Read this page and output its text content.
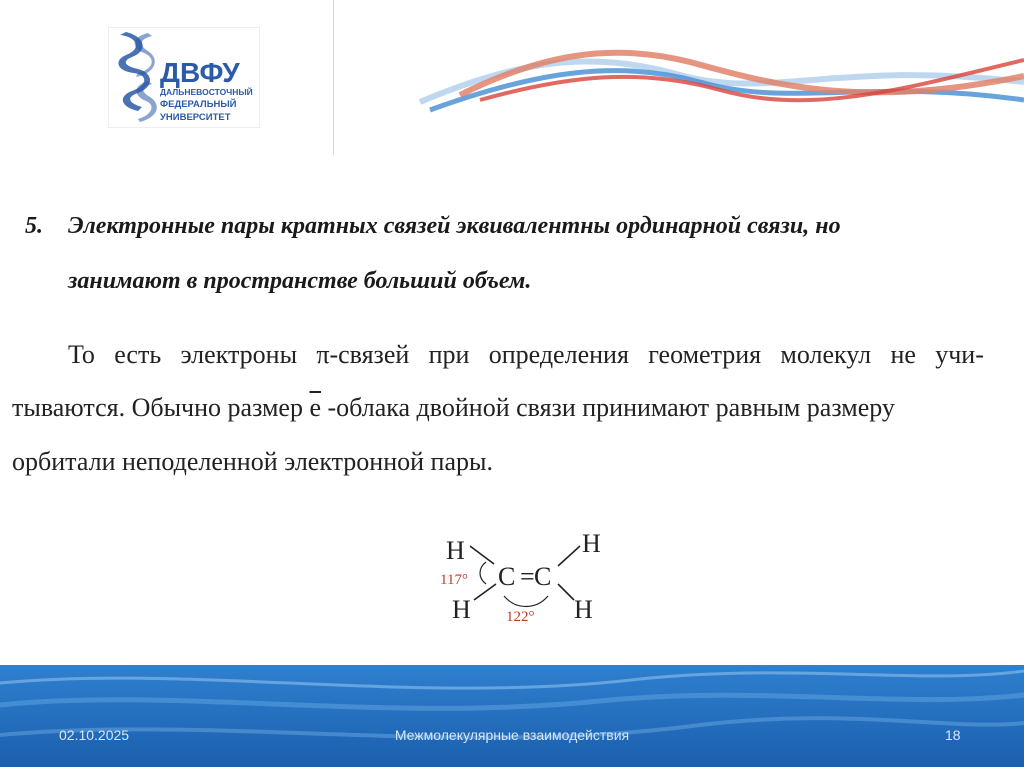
ДВФУ
ДАЛЬНЕВОСТОЧНЫЙ
ФЕДЕРАЛЬНЫЙ
УНИВЕРСИТЕТ
5. Электронные пары кратных связей эквивалентны ординарной связи, но
занимают в пространстве больший объем.
То есть электроны π-связей при определения геометрия молекул не учи-
тываются. Обычно размер е -облака двойной связи принимают равным размеру
орбитали неподеленной электронной пары.
H
H
C = C
H
H
117°
122°
02.10.2025	Межмолекулярные взаимодействия	18
